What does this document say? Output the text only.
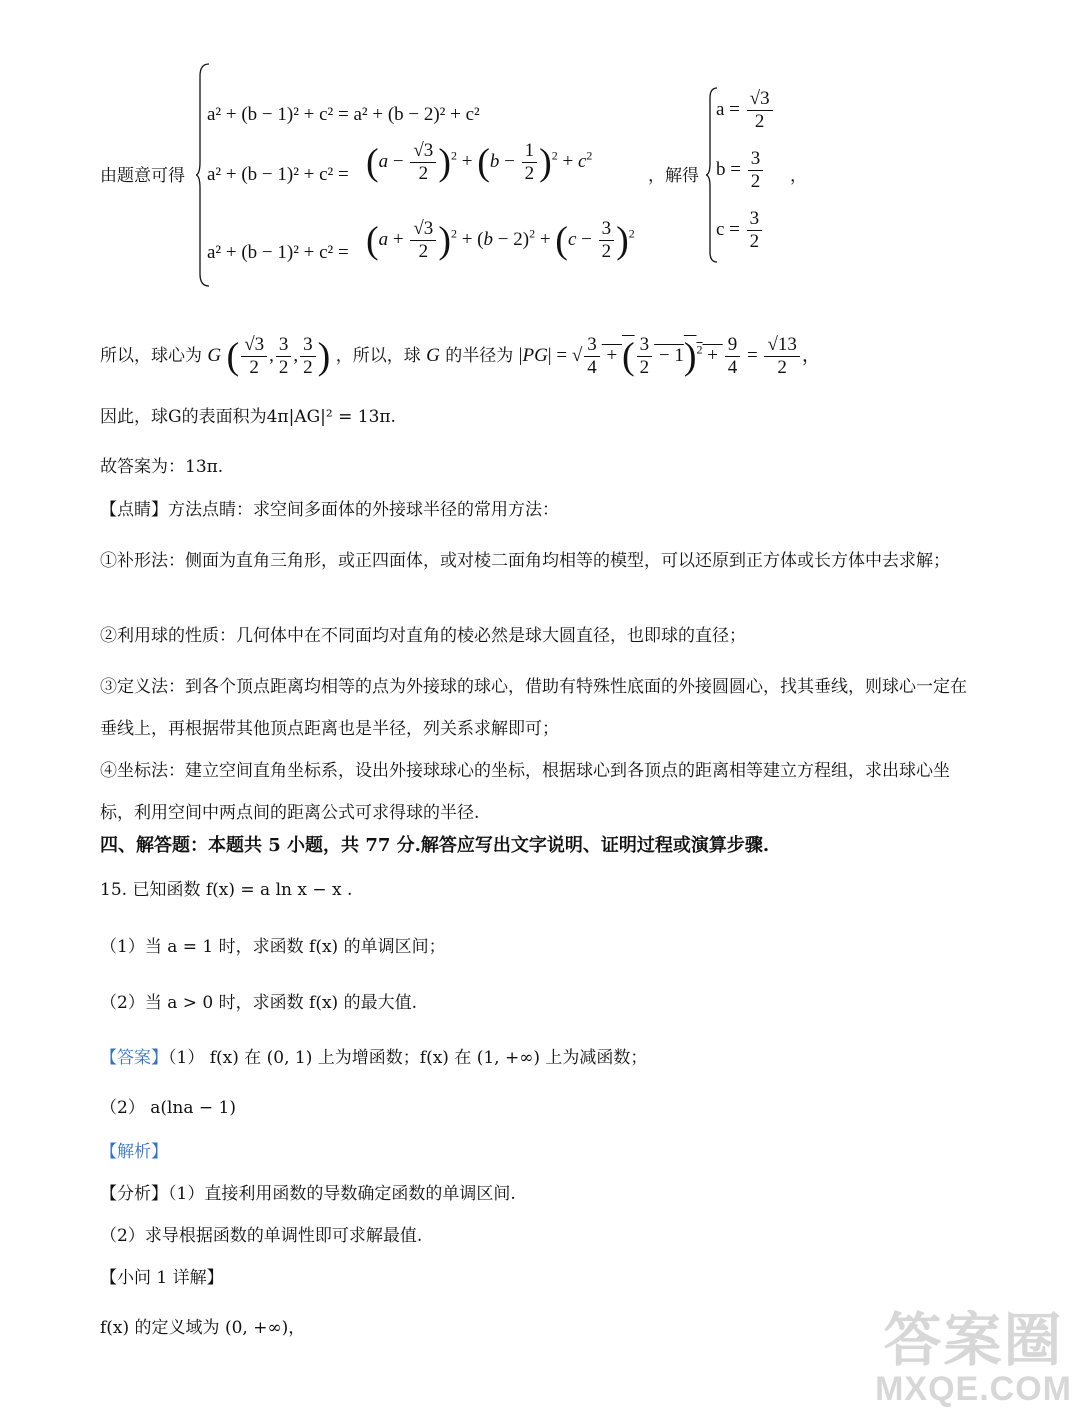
由题意可得
a² + (b − 1)² + c² = a² + (b − 2)² + c²
$a^2 + (b - 1)^2 + c^2 = (a - \frac{√3}{2} )^2 + (b - \frac{1}{2} )^2 + c^2$
$a^2 + (b - 1)^2 + c^2 = (a + \frac{√3}{2} )^2 + (b - 2)^2 + (c - \frac{3}{2} )^2$
，解得
$a = \frac{√3}{2}$
$b = \frac{3}{2}$
$c = \frac{3}{2}$
，
所以，球心为 G ( $\frac{√3}{2}$ , $\frac{3}{2}$ , $\frac{3}{2}$ ) ，所以，球 G 的半径为 |PG| = √ $\frac{3}{4}$ + ( $\frac{3}{2} - 1)^2 + \frac{9}{4} = \frac{√13}{2}$ ，
因此，球G的表面积为4π|AG|² = 13π.
故答案为：13π.
【点睛】方法点睛：求空间多面体的外接球半径的常用方法：
①补形法：侧面为直角三角形，或正四面体，或对棱二面角均相等的模型，可以还原到正方体或长方体中去求解；
②利用球的性质：几何体中在不同面均对直角的棱必然是球大圆直径，也即球的直径；
③定义法：到各个顶点距离均相等的点为外接球的球心，借助有特殊性底面的外接圆圆心，找其垂线，则球心一定在垂线上，再根据带其他顶点距离也是半径，列关系求解即可；
④坐标法：建立空间直角坐标系，设出外接球球心的坐标，根据球心到各顶点的距离相等建立方程组，求出球心坐标，利用空间中两点间的距离公式可求得球的半径.
四、解答题：本题共 5 小题，共 77 分.解答应写出文字说明、证明过程或演算步骤.
15. 已知函数 f(x) = a ln x − x .
（1）当 a = 1 时，求函数 f(x) 的单调区间；
（2）当 a > 0 时，求函数 f(x) 的最大值.
【答案】（1） f(x) 在 (0, 1) 上为增函数；f(x) 在 (1, +∞) 上为减函数；
（2） a(lna − 1)
【解析】
【分析】（1）直接利用函数的导数确定函数的单调区间.
（2）求导根据函数的单调性即可求解最值.
【小问 1 详解】
f(x) 的定义域为 (0, +∞)，	答案圈
MXQE.COM
